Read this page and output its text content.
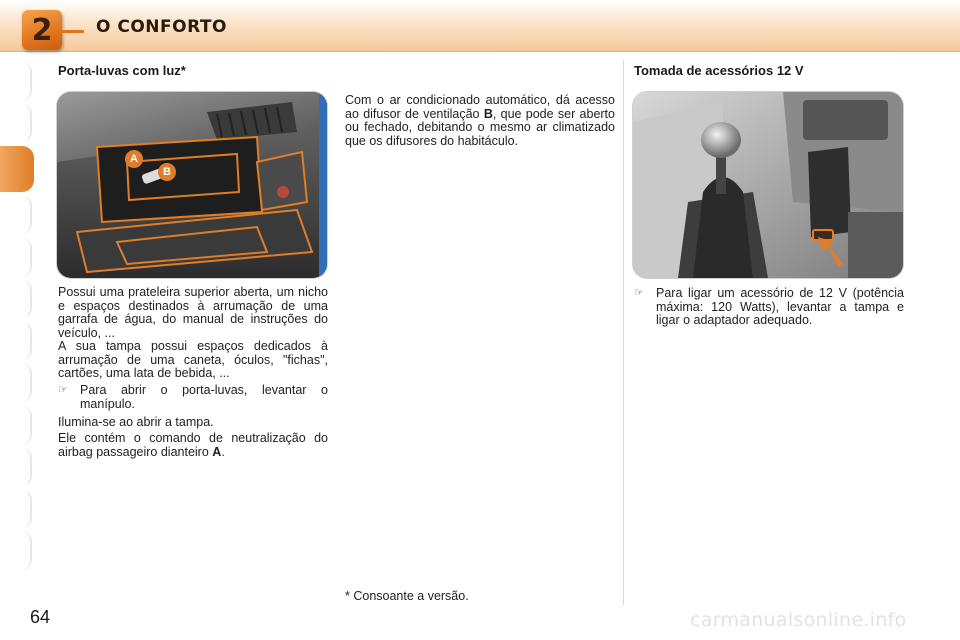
2	O CONFORTO
Porta-luvas com luz*
A
B
Possui uma prateleira superior aberta, um nicho e espaços destinados à arrumação de uma garrafa de água, do manual de instruções do veículo, ...
A sua tampa possui espaços dedicados à arrumação de uma caneta, óculos, "fichas", cartões, uma lata de bebida, ...
☞ Para abrir o porta-luvas, levantar o manípulo.
Ilumina-se ao abrir a tampa.
Ele contém o comando de neutralização do airbag passageiro dianteiro A.
Com o ar condicionado automático, dá acesso ao difusor de ventilação B, que pode ser aberto ou fechado, debitando o mesmo ar climatizado que os difusores do habitáculo.
Tomada de acessórios 12 V
☞ Para ligar um acessório de 12 V (potência máxima: 120 Watts), levantar a tampa e ligar o adaptador adequado.
* Consoante a versão.
64	carmanualsonline.info
